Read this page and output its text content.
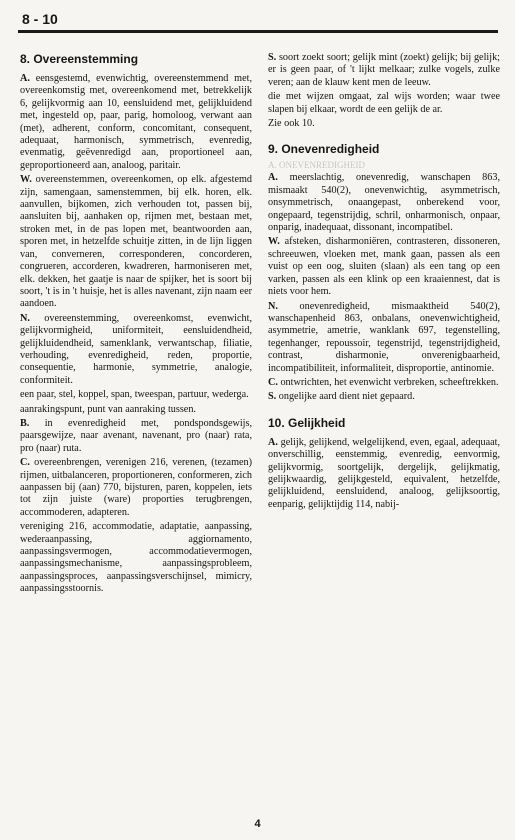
8 - 10
8. Overeenstemming

A. eensgestemd, evenwichtig, overeenstemmend met, overeenkomstig met, overeenkomend met, betrekkelijk 6, gelijkvormig aan 10, eensluidend met, gelijkluidend met, ingesteld op, paar, parig, homoloog, verwant aan (met), adherent, conform, concomitant, consequent, adequaat, harmonisch, symmetrisch, evenredig, evenmatig, geëvenredigd aan, proportioneel aan, geproportioneerd aan, analoog, paritair.

W. overeenstemmen, overeenkomen, op elk. afgestemd zijn, samengaan, samenstemmen, bij elk. horen, elk. aanvullen, bijkomen, zich verhouden tot, passen bij, aansluiten bij, aanhaken op, rijmen met, bestaan met, stroken met, in de pas lopen met, beantwoorden aan, sporen met, in hetzelfde schuitje zitten, in de lijn liggen van, converneren, corresponderen, concorderen, congrueren, accorderen, kwadreren, harmoniseren met, elk. dekken, het gaatje is naar de spijker, het is soort bij soort, 't is in 't huisje, het is alles navenant, zijn naam eer aandoen.

N. overeenstemming, overeenkomst, evenwicht, gelijkvormigheid, uniformiteit, eensluidendheid, gelijkluidendheid, samenklank, verwantschap, filiatie, verhouding, evenredigheid, reden, proportie, consequentie, harmonie, symmetrie, analogie, conformiteit.

een paar, stel, koppel, span, tweespan, partuur, wederga.

aanrakingspunt, punt van aanraking tussen.

B. in evenredigheid met, pondspondsgewijs, paarsgewijze, naar avenant, navenant, pro (naar) rata, pro (naar) ruta.

C. overeenbrengen, verenigen 216, verenen, (tezamen) rijmen, uitbalanceren, proportioneren, conformeren, zich aanpassen bij (aan) 770, bijsturen, paren, koppelen, iets tot zijn juiste (ware) proporties terugbrengen, accommoderen, adapteren.

vereniging 216, accommodatie, adaptatie, aanpassing, wederaanpassing, aggiornamento, aanpassingsvermogen, accommodatievermogen, aanpassingsmechanisme, aanpassingsprobleem, aanpassingsproces, aanpassingsverschijnsel, mimicry, aanpassingsstoornis.

S. soort zoekt soort; gelijk mint (zoekt) gelijk; bij gelijk; er is geen paar, of 't lijkt melkaar; zulke vogels, zulke veren; aan de klauw kent men de leeuw.

die met wijzen omgaat, zal wijs worden; waar twee slapen bij elkaar, wordt de een gelijk de ar.

Zie ook 10.

9. Onevenredigheid
A. ONEVENREDIGHEID

A. meerslachtig, onevenredig, wanschapen 863, mismaakt 540(2), onevenwichtig, asymmetrisch, onsymmetrisch, onaangepast, onberekend voor, ongepaard, tegenstrijdig, schril, onharmonisch, onpaar, onparig, inadequaat, dissonant, incompatibel.

W. afsteken, disharmoniëren, contrasteren, dissoneren, schreeuwen, vloeken met, mank gaan, passen als een vuist op een oog, sluiten (slaan) als een tang op een varken, passen als een klink op een kraaiennest, dat is niets voor hem.

N. onevenredigheid, mismaaktheid 540(2), wanschapenheid 863, onbalans, onevenwichtigheid, asymmetrie, ametrie, wanklank 697, tegenstelling, tegenhanger, repoussoir, tegenstrijd, tegenstrijdigheid, contrast, disharmonie, onverenigbaarheid, incompatibiliteit, informaliteit, disproportie, antinomie.

C. ontwrichten, het evenwicht verbreken, scheeftrekken.

S. ongelijke aard dient niet gepaard.

10. Gelijkheid

A. gelijk, gelijkend, welgelijkend, even, egaal, adequaat, onverschillig, eenstemmig, evenredig, eenvormig, gelijkvormig, soortgelijk, dergelijk, gelijkmatig, gelijkwaardig, gelijkgesteld, equivalent, hetzelfde, gelijkluidend, eensluidend, analoog, gelijksoortig, eenparig, gelijktijdig 114, nabij-

4
